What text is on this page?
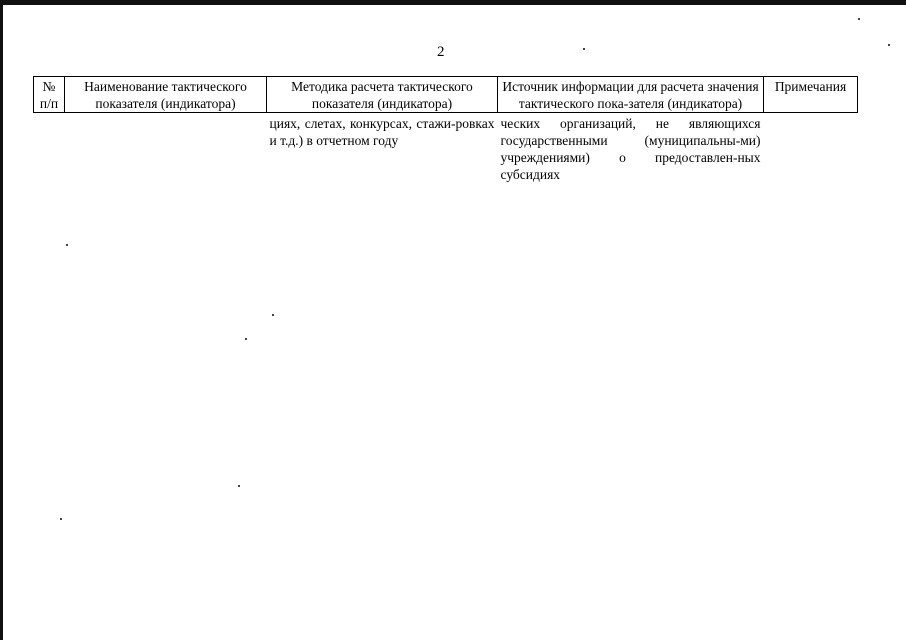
2
№ п/п	Наименование тактического показателя (индикатора)	Методика расчета тактического показателя (индикатора)	Источник информации для расчета значения тактического пока-зателя (индикатора)	Примечания
		циях, слетах, конкурсах, стажи-ровках и т.д.) в отчетном году	ческих организаций, не являющихся государственными (муниципальны-ми) учреждениями) о предоставлен-ных субсидиях	
